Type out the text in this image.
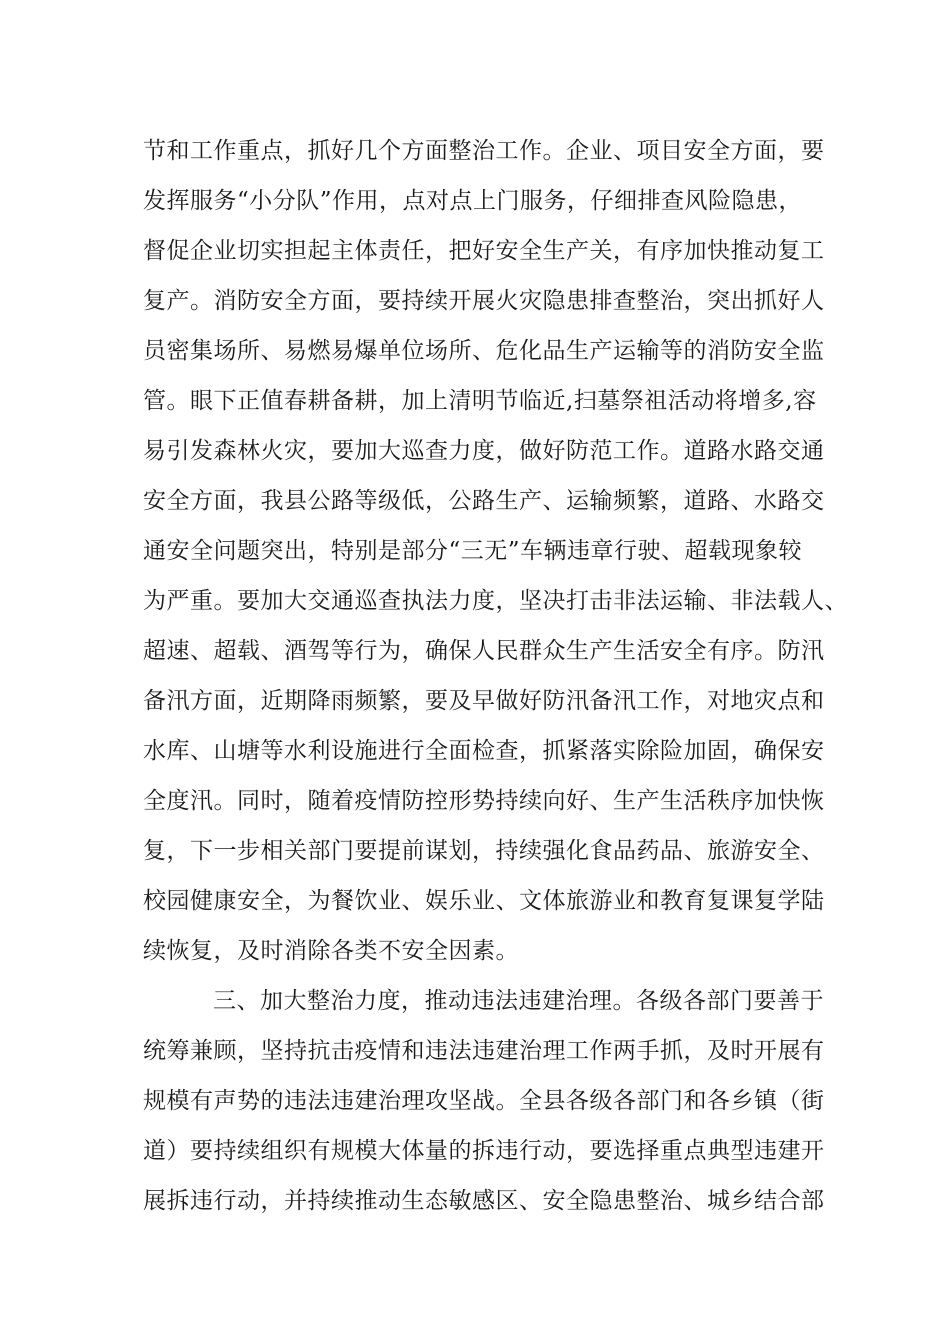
节和工作重点，抓好几个方面整治工作。企业、项目安全方面，要

发挥服务“小分队”作用，点对点上门服务，仔细排查风险隐患，

督促企业切实担起主体责任，把好安全生产关，有序加快推动复工

复产。消防安全方面，要持续开展火灾隐患排查整治，突出抓好人

员密集场所、易燃易爆单位场所、危化品生产运输等的消防安全监

管。眼下正值春耕备耕，加上清明节临近,扫墓祭祖活动将增多,容

易引发森林火灾，要加大巡查力度，做好防范工作。道路水路交通

安全方面，我县公路等级低，公路生产、运输频繁，道路、水路交

通安全问题突出，特别是部分“三无”车辆违章行驶、超载现象较

为严重。要加大交通巡查执法力度，坚决打击非法运输、非法载人、

超速、超载、酒驾等行为，确保人民群众生产生活安全有序。防汛

备汛方面，近期降雨频繁，要及早做好防汛备汛工作，对地灾点和

水库、山塘等水利设施进行全面检查，抓紧落实除险加固，确保安

全度汛。同时，随着疫情防控形势持续向好、生产生活秩序加快恢

复，下一步相关部门要提前谋划，持续强化食品药品、旅游安全、

校园健康安全，为餐饮业、娱乐业、文体旅游业和教育复课复学陆

续恢复，及时消除各类不安全因素。

三、加大整治力度，推动违法违建治理。各级各部门要善于

统筹兼顾，坚持抗击疫情和违法违建治理工作两手抓，及时开展有

规模有声势的违法违建治理攻坚战。全县各级各部门和各乡镇（街

道）要持续组织有规模大体量的拆违行动，要选择重点典型违建开

展拆违行动，并持续推动生态敏感区、安全隐患整治、城乡结合部
